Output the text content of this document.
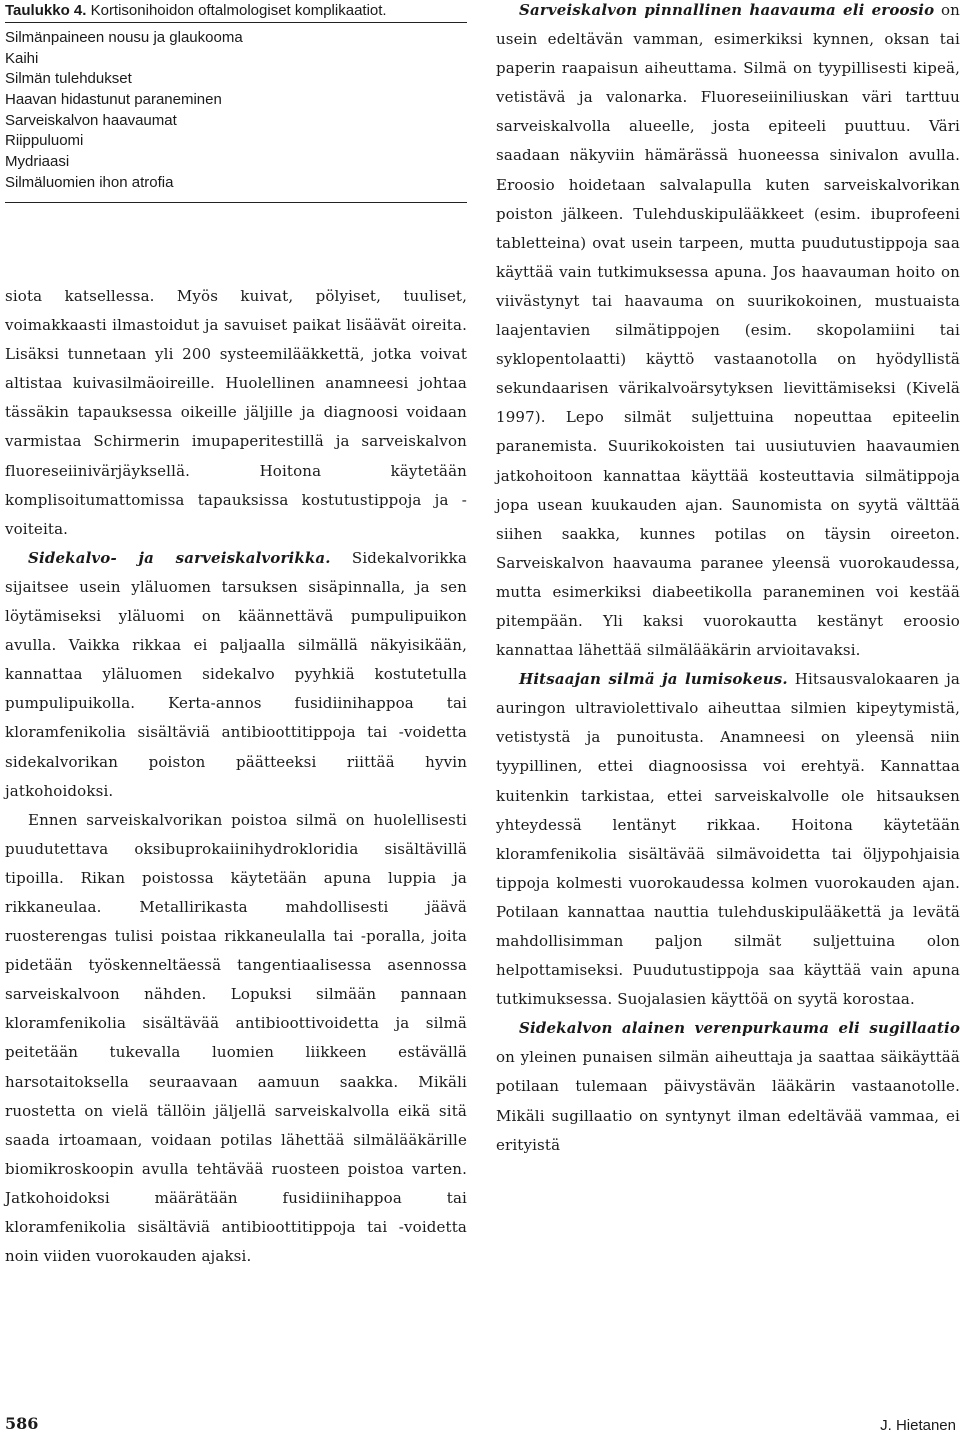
Taulukko 4. Kortisonihoidon oftalmologiset komplikaatiot.
Silmänpaineen nousu ja glaukooma
Kaihi
Silmän tulehdukset
Haavan hidastunut paraneminen
Sarveiskalvon haavaumat
Riippuluomi
Mydriaasi
Silmäluomien ihon atrofia

siota katsellessa. Myös kuivat, pölyiset, tuuliset, voimakkaasti ilmastoidut ja savuiset paikat lisäävät oireita. Lisäksi tunnetaan yli 200 systeemilääkkettä, jotka voivat altistaa kuivasilmäoireille. Huolellinen anamneesi johtaa tässäkin tapauksessa oikeille jäljille ja diagnoosi voidaan varmistaa Schirmerin imupaperitestillä ja sarveiskalvon fluoreseiinivärjäyksellä. Hoitona käytetään komplisoitumattomissa tapauksissa kostutustippoja ja -voiteita.

Sidekalvo- ja sarveiskalvorikka. Sidekalvorikka sijaitsee usein yläluomen tarsuksen sisäpinnalla, ja sen löytämiseksi yläluomi on käännettävä pumpulipuikon avulla. Vaikka rikkaa ei paljaalla silmällä näkyisikään, kannattaa yläluomen sidekalvo pyyhkiä kostutetulla pumpulipuikolla. Kerta-annos fusidiinihappoa tai kloramfenikolia sisältäviä antibioottitippoja tai -voidetta sidekalvorikan poiston päätteeksi riittää hyvin jatkohoidoksi.

Ennen sarveiskalvorikan poistoa silmä on huolellisesti puudutettava oksibuprokaiinihydrokloridia sisältävillä tipoilla. Rikan poistossa käytetään apuna luppia ja rikkaneulaa. Metallirikasta mahdollisesti jäävä ruosterengas tulisi poistaa rikkaneulalla tai -poralla, joita pidetään työskenneltäessä tangentiaalisessa asennossa sarveiskalvoon nähden. Lopuksi silmään pannaan kloramfenikolia sisältävää antibioottivoidetta ja silmä peitetään tukevalla luomien liikkeen estävällä harsotaitoksella seuraavaan aamuun saakka. Mikäli ruostetta on vielä tällöin jäljellä sarveiskalvolla eikä sitä saada irtoamaan, voidaan potilas lähettää silmälääkärille biomikroskoopin avulla tehtävää ruosteen poistoa varten. Jatkohoidoksi määrätään fusidiinihappoa tai kloramfenikolia sisältäviä antibioottitippoja tai -voidetta noin viiden vuorokauden ajaksi.

Sarveiskalvon pinnallinen haavauma eli eroosio on usein edeltävän vamman, esimerkiksi kynnen, oksan tai paperin raapaisun aiheuttama. Silmä on tyypillisesti kipeä, vetistävä ja valonarka. Fluoreseiiniliuskan väri tarttuu sarveiskalvolla alueelle, josta epiteeli puuttuu. Väri saadaan näkyviin hämärässä huoneessa sinivalon avulla. Eroosio hoidetaan salvalapulla kuten sarveiskalvorikan poiston jälkeen. Tulehduskipulääkkeet (esim. ibuprofeeni tabletteina) ovat usein tarpeen, mutta puudutustippoja saa käyttää vain tutkimuksessa apuna. Jos haavauman hoito on viivästynyt tai haavauma on suurikokoinen, mustuaista laajentavien silmätippojen (esim. skopolamiini tai syklopentolaatti) käyttö vastaanotolla on hyödyllistä sekundaarisen värikalvoärsytyksen lievittämiseksi (Kivelä 1997). Lepo silmät suljettuina nopeuttaa epiteelin paranemista. Suurikokoisten tai uusiutuvien haavaumien jatkohoitoon kannattaa käyttää kosteuttavia silmätippoja jopa usean kuukauden ajan. Saunomista on syytä välttää siihen saakka, kunnes potilas on täysin oireeton. Sarveiskalvon haavauma paranee yleensä vuorokaudessa, mutta esimerkiksi diabeetikolla paraneminen voi kestää pitempään. Yli kaksi vuorokautta kestänyt eroosio kannattaa lähettää silmälääkärin arvioitavaksi.

Hitsaajan silmä ja lumisokeus. Hitsausvalokaaren ja auringon ultraviolettivalo aiheuttaa silmien kipeytymistä, vetistystä ja punoitusta. Anamneesi on yleensä niin tyypillinen, ettei diagnoosissa voi erehtyä. Kannattaa kuitenkin tarkistaa, ettei sarveiskalvolle ole hitsauksen yhteydessä lentänyt rikkaa. Hoitona käytetään kloramfenikolia sisältävää silmävoidetta tai öljypohjaisia tippoja kolmesti vuorokaudessa kolmen vuorokauden ajan. Potilaan kannattaa nauttia tulehduskipulääkettä ja levätä mahdollisimman paljon silmät suljettuina olon helpottamiseksi. Puudutustippoja saa käyttää vain apuna tutkimuksessa. Suojalasien käyttöä on syytä korostaa.

Sidekalvon alainen verenpurkauma eli sugillaatio on yleinen punaisen silmän aiheuttaja ja saattaa säikäyttää potilaan tulemaan päivystävän lääkärin vastaanotolle. Mikäli sugillaatio on syntynyt ilman edeltävää vammaa, ei erityistä

586	J. Hietanen
